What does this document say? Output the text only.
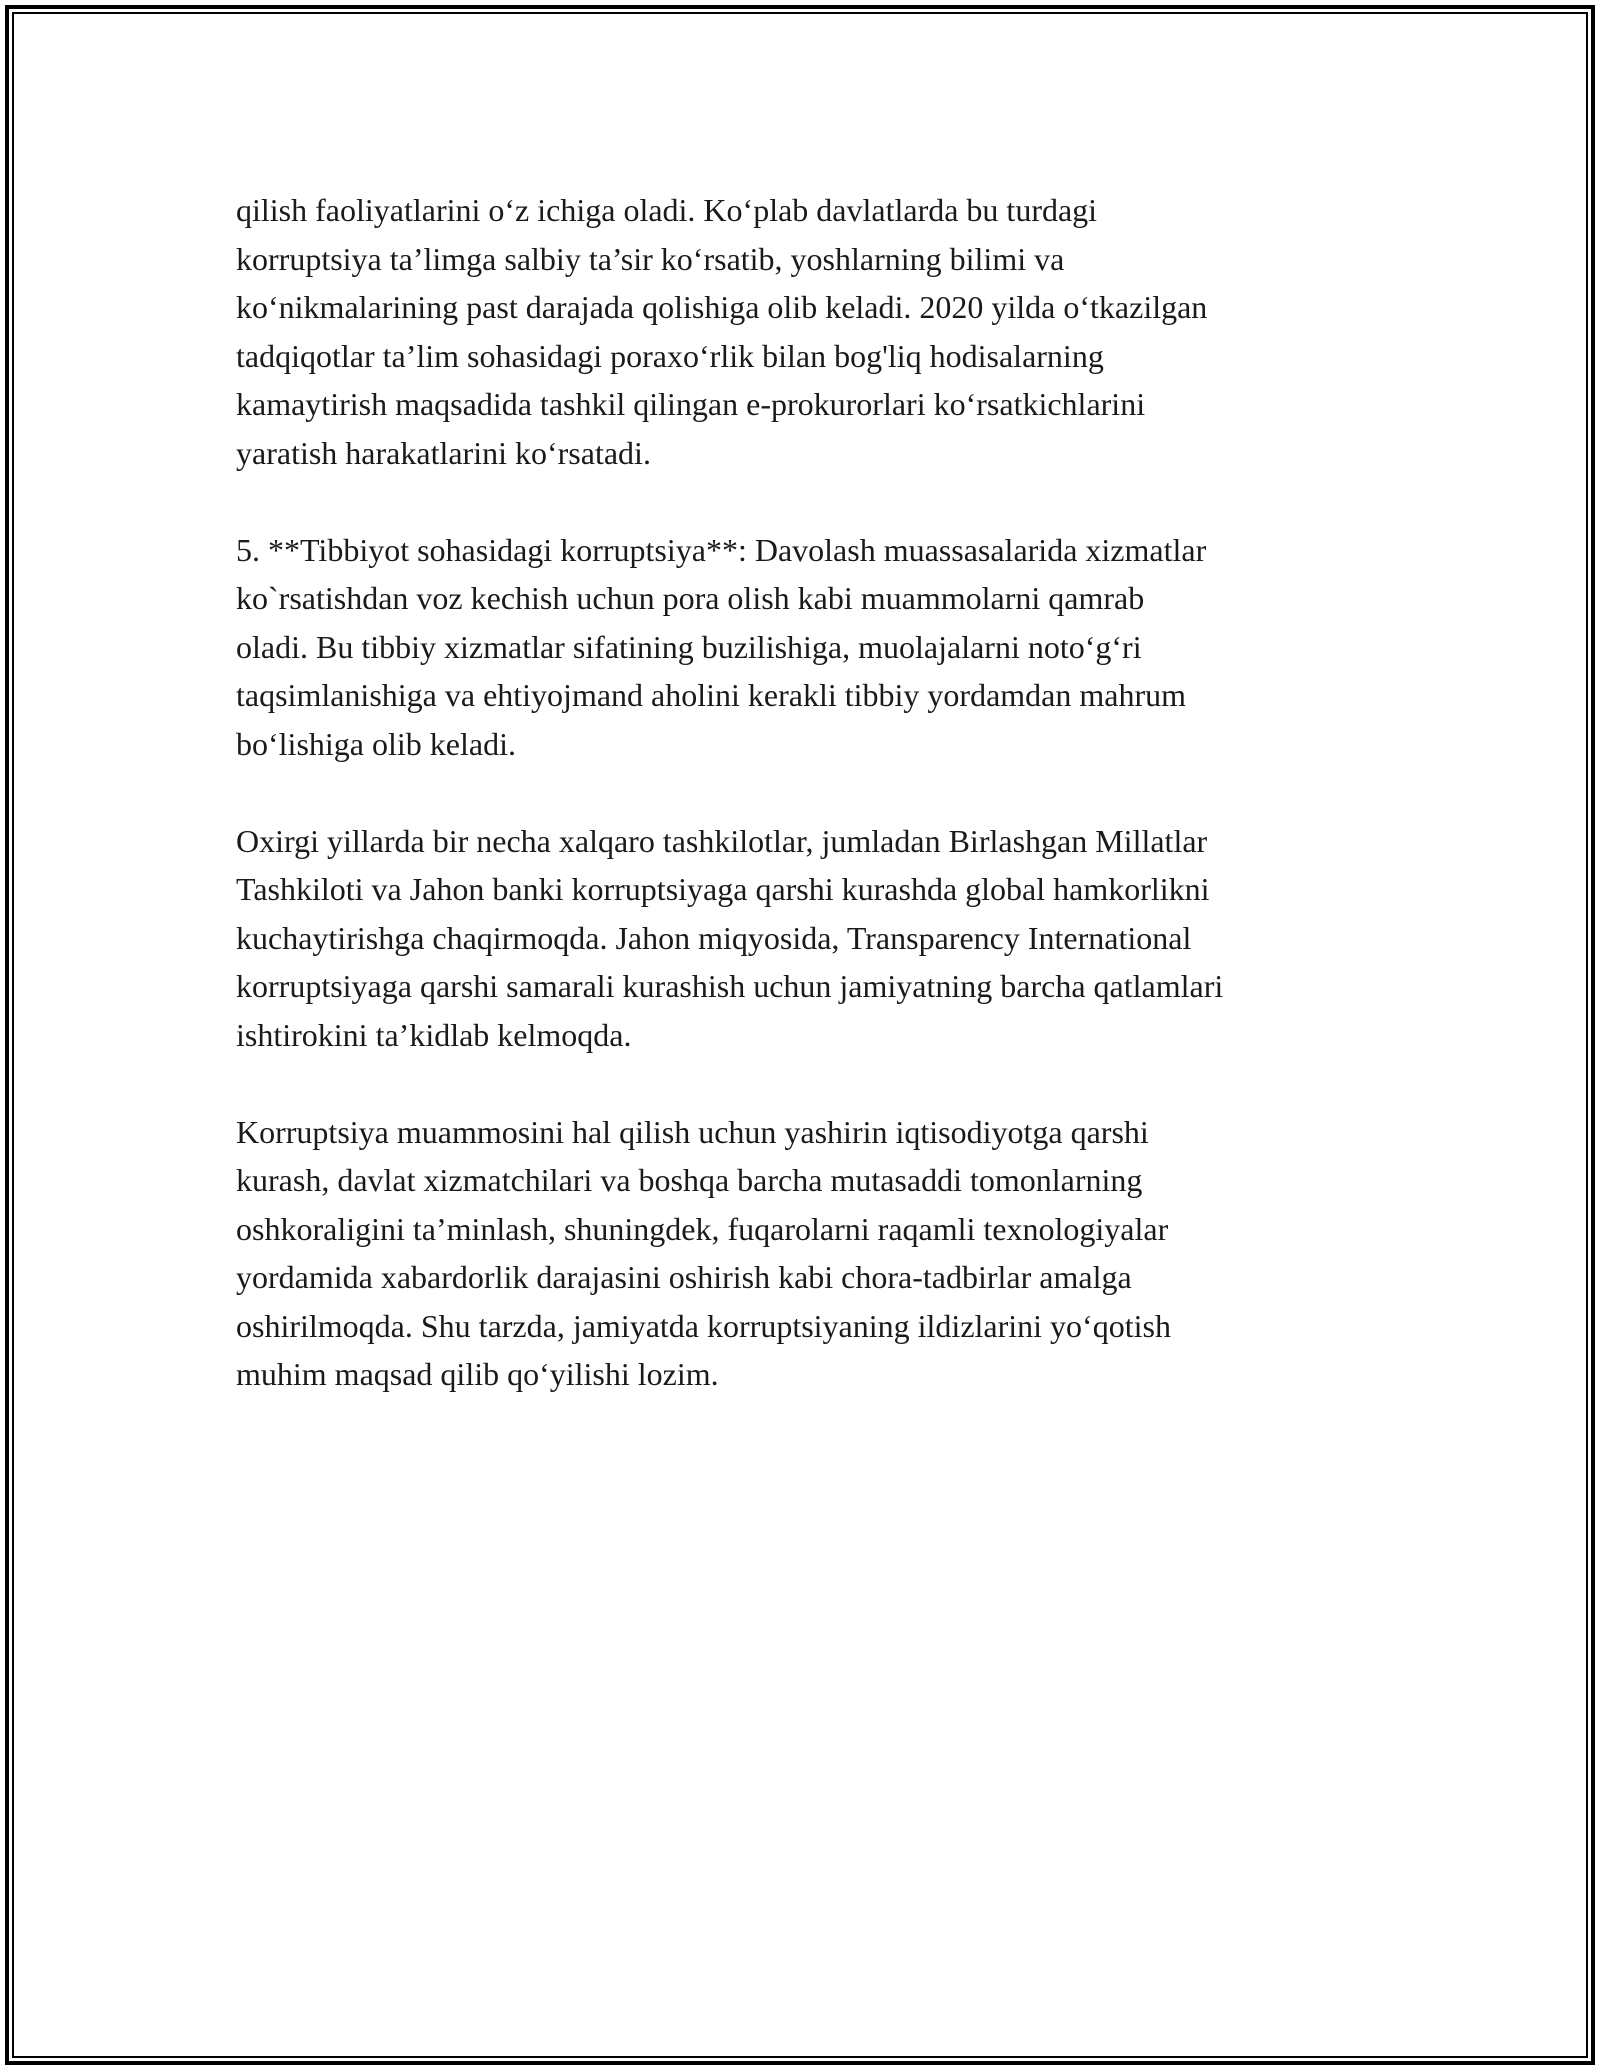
qilish faoliyatlarini o‘z ichiga oladi. Ko‘plab davlatlarda bu turdagi
korruptsiya ta’limga salbiy ta’sir ko‘rsatib, yoshlarning bilimi va
ko‘nikmalarining past darajada qolishiga olib keladi. 2020 yilda o‘tkazilgan
tadqiqotlar ta’lim sohasidagi poraxo‘rlik bilan bog'liq hodisalarning
kamaytirish maqsadida tashkil qilingan e-prokurorlari ko‘rsatkichlarini
yaratish harakatlarini ko‘rsatadi.

5. **Tibbiyot sohasidagi korruptsiya**: Davolash muassasalarida xizmatlar
ko`rsatishdan voz kechish uchun pora olish kabi muammolarni qamrab
oladi. Bu tibbiy xizmatlar sifatining buzilishiga, muolajalarni noto‘g‘ri
taqsimlanishiga va ehtiyojmand aholini kerakli tibbiy yordamdan mahrum
bo‘lishiga olib keladi.

Oxirgi yillarda bir necha xalqaro tashkilotlar, jumladan Birlashgan Millatlar
Tashkiloti va Jahon banki korruptsiyaga qarshi kurashda global hamkorlikni
kuchaytirishga chaqirmoqda. Jahon miqyosida, Transparency International
korruptsiyaga qarshi samarali kurashish uchun jamiyatning barcha qatlamlari
ishtirokini ta’kidlab kelmoqda.

Korruptsiya muammosini hal qilish uchun yashirin iqtisodiyotga qarshi
kurash, davlat xizmatchilari va boshqa barcha mutasaddi tomonlarning
oshkoraligini ta’minlash, shuningdek, fuqarolarni raqamli texnologiyalar
yordamida xabardorlik darajasini oshirish kabi chora-tadbirlar amalga
oshirilmoqda. Shu tarzda, jamiyatda korruptsiyaning ildizlarini yo‘qotish
muhim maqsad qilib qo‘yilishi lozim.
